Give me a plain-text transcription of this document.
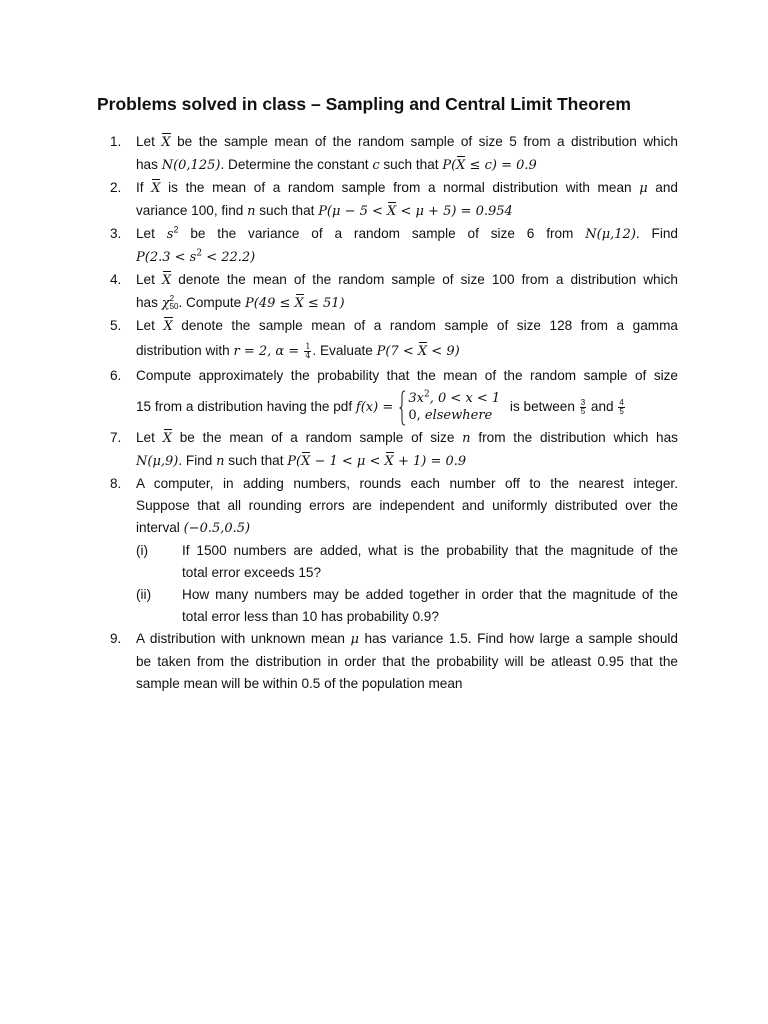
Problems solved in class – Sampling and Central Limit Theorem
1.	Let X be the sample mean of the random sample of size 5 from a distribution which
has N(0,125). Determine the constant c such that P(X ≤ c) = 0.9
2.	If X is the mean of a random sample from a normal distribution with mean μ and
variance 100, find n such that P(μ − 5 < X < μ + 5) = 0.954
3.	Let $s^2$ be the variance of a random sample of size 6 from N(μ,12). Find
$P(2.3 < s^2 < 22.2)$
4.	Let X denote the mean of the random sample of size 100 from a distribution which
has χ 2
50 . Compute P(49 ≤ X ≤ 51)
5.	Let X denote the sample mean of a random sample of size 128 from a gamma
distribution with r = 2, $\alpha = \frac{1}{4}$ . Evaluate P(7 < X < 9)
6.	Compute approximately the probability that the mean of the random sample of size
15 from a distribution having the pdf f(x) =
$3x^2$, 0 < x < 1
0, elsewhere
is between $\frac{3}{5}$ and $\frac{4}{5}$
7.	Let X be the mean of a random sample of size n from the distribution which has
N(μ,9). Find n such that P(X − 1 < μ < X + 1) = 0.9
8.	A computer, in adding numbers, rounds each number off to the nearest integer.
Suppose that all rounding errors are independent and uniformly distributed over the
interval (−0.5,0.5)
(i) If 1500 numbers are added, what is the probability that the magnitude of the
total error exceeds 15?
(ii) How many numbers may be added together in order that the magnitude of the
total error less than 10 has probability 0.9?
9.	A distribution with unknown mean μ has variance 1.5. Find how large a sample should
be taken from the distribution in order that the probability will be atleast 0.95 that the
sample mean will be within 0.5 of the population mean
